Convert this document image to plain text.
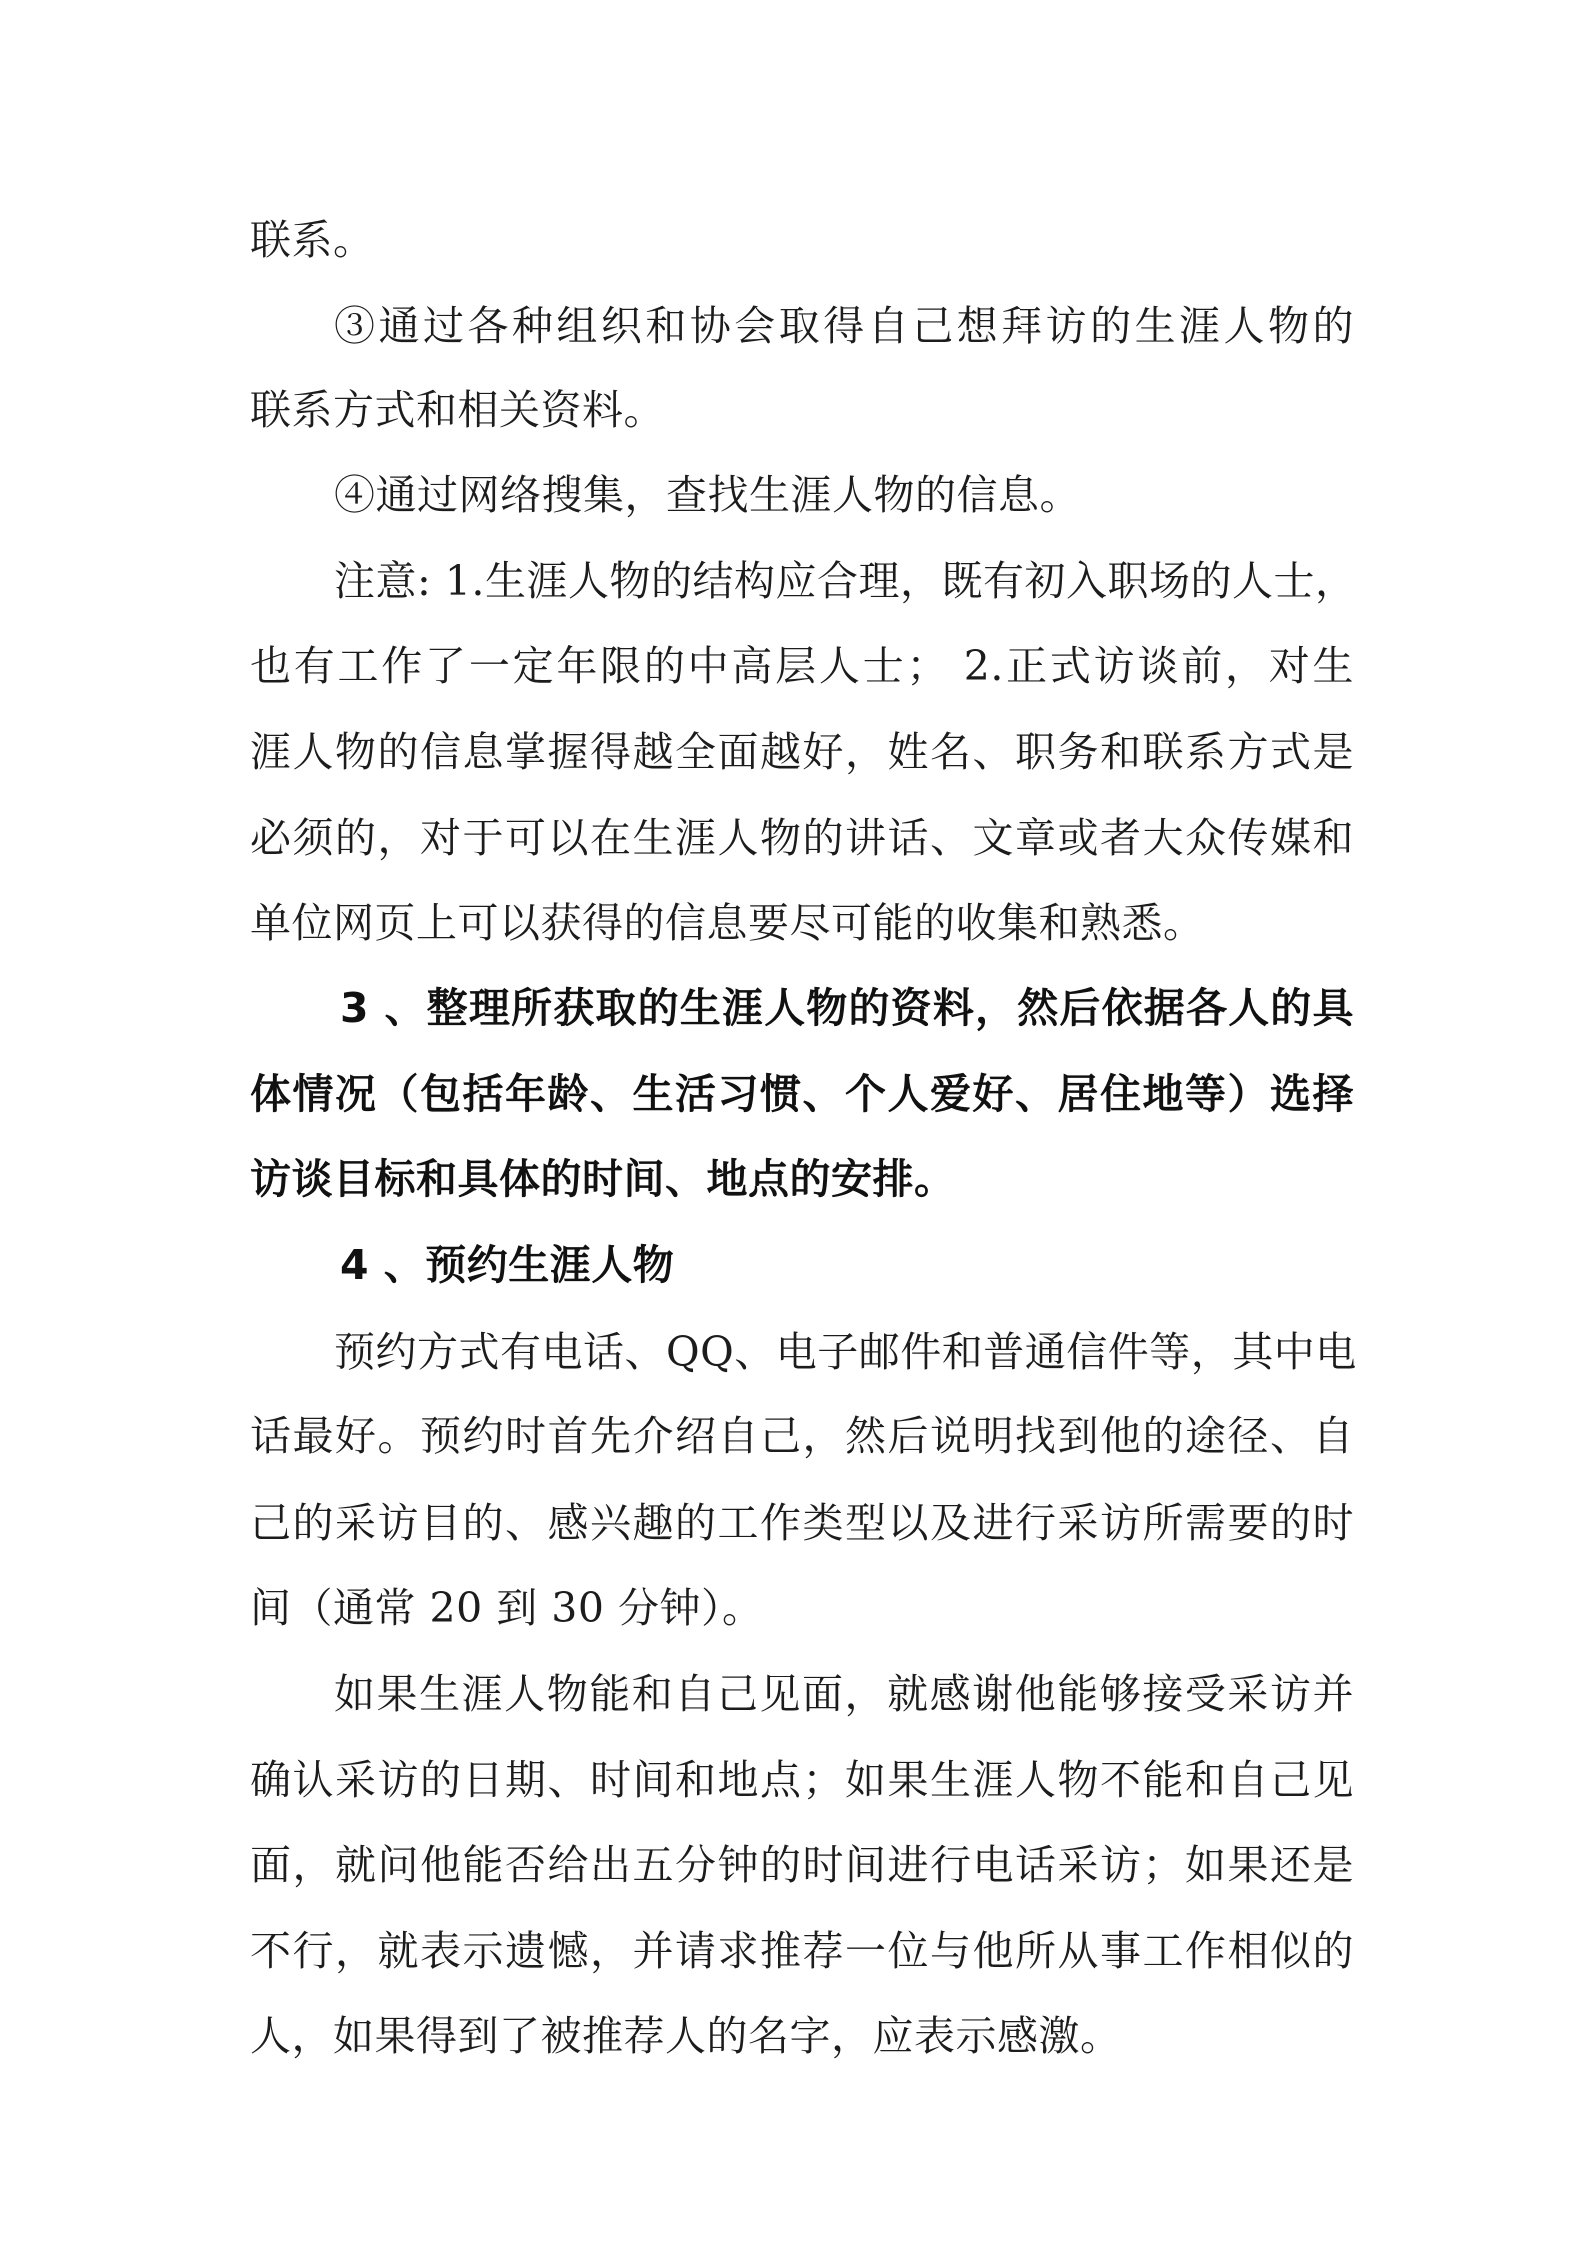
联系。
③通过各种组织和协会取得自己想拜访的生涯人物的
联系方式和相关资料。
④通过网络搜集，查找生涯人物的信息。
注意: 1.生涯人物的结构应合理，既有初入职场的人士，
也有工作了一定年限的中高层人士； 2.正式访谈前，对生
涯人物的信息掌握得越全面越好，姓名、职务和联系方式是
必须的，对于可以在生涯人物的讲话、文章或者大众传媒和
单位网页上可以获得的信息要尽可能的收集和熟悉。
3 、整理所获取的生涯人物的资料，然后依据各人的具
体情况（包括年龄、生活习惯、个人爱好、居住地等）选择
访谈目标和具体的时间、地点的安排。
4 、预约生涯人物
预约方式有电话、QQ、电子邮件和普通信件等，其中电
话最好。预约时首先介绍自己，然后说明找到他的途径、自
己的采访目的、感兴趣的工作类型以及进行采访所需要的时
间（通常 20 到 30 分钟）。
如果生涯人物能和自己见面，就感谢他能够接受采访并
确认采访的日期、时间和地点；如果生涯人物不能和自己见
面，就问他能否给出五分钟的时间进行电话采访；如果还是
不行，就表示遗憾，并请求推荐一位与他所从事工作相似的
人，如果得到了被推荐人的名字，应表示感激。
